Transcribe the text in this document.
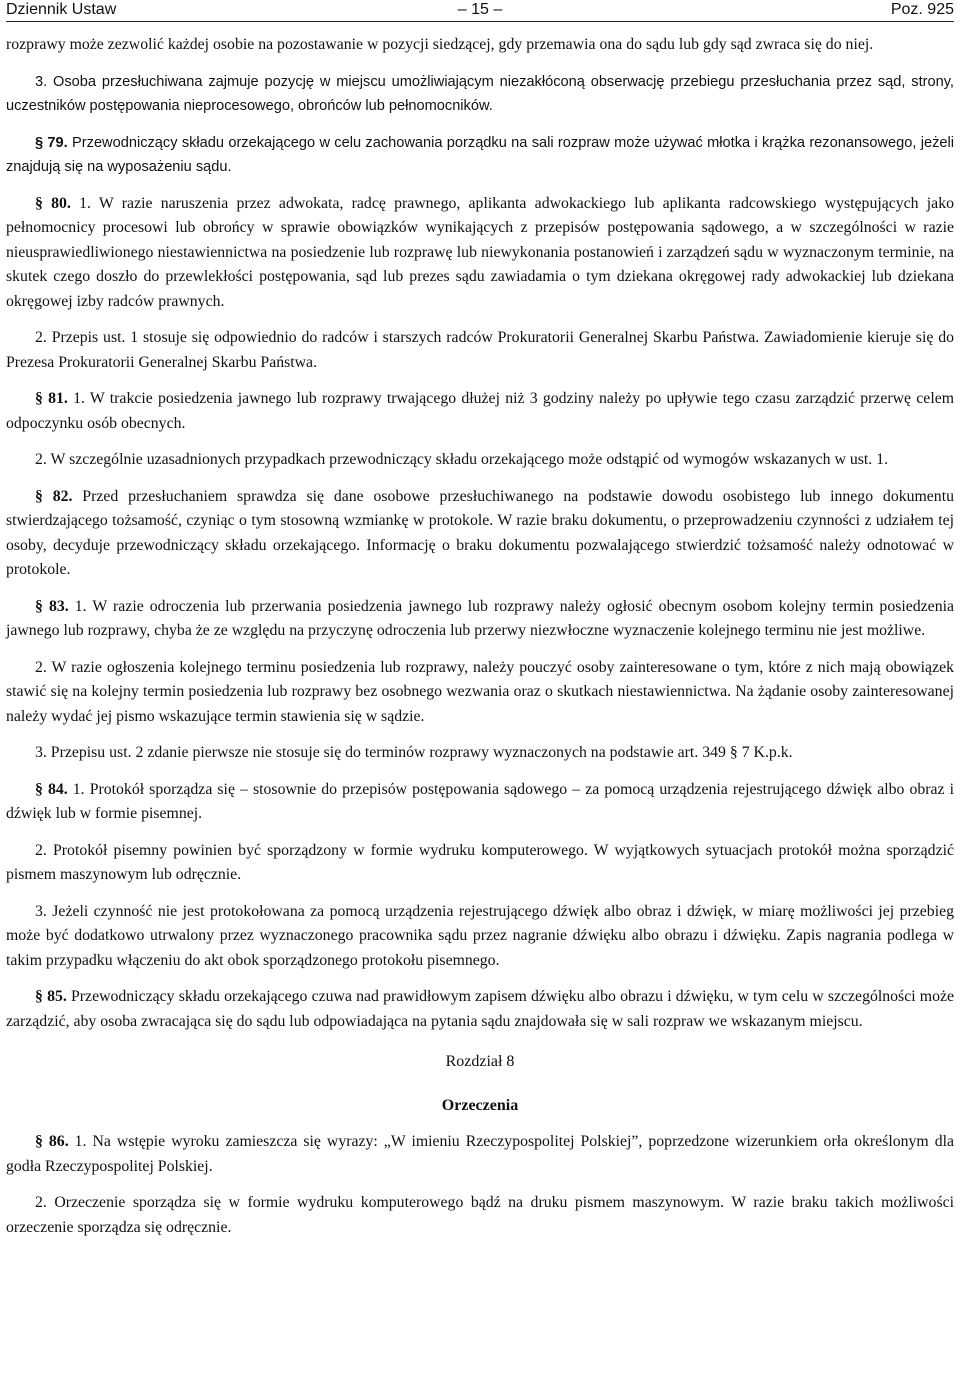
Dziennik Ustaw	– 15 –	Poz. 925

rozprawy może zezwolić każdej osobie na pozostawanie w pozycji siedzącej, gdy przemawia ona do sądu lub gdy sąd zwraca się do niej.

3. Osoba przesłuchiwana zajmuje pozycję w miejscu umożliwiającym niezakłóconą obserwację przebiegu przesłuchania przez sąd, strony, uczestników postępowania nieprocesowego, obrońców lub pełnomocników.

§ 79. Przewodniczący składu orzekającego w celu zachowania porządku na sali rozpraw może używać młotka i krążka rezonansowego, jeżeli znajdują się na wyposażeniu sądu.

§ 80. 1. W razie naruszenia przez adwokata, radcę prawnego, aplikanta adwokackiego lub aplikanta radcowskiego występujących jako pełnomocnicy procesowi lub obrońcy w sprawie obowiązków wynikających z przepisów postępowania sądowego, a w szczególności w razie nieusprawiedliwionego niestawiennictwa na posiedzenie lub rozprawę lub niewykonania postanowień i zarządzeń sądu w wyznaczonym terminie, na skutek czego doszło do przewlekłości postępowania, sąd lub prezes sądu zawiadamia o tym dziekana okręgowej rady adwokackiej lub dziekana okręgowej izby radców prawnych.

2. Przepis ust. 1 stosuje się odpowiednio do radców i starszych radców Prokuratorii Generalnej Skarbu Państwa. Zawiadomienie kieruje się do Prezesa Prokuratorii Generalnej Skarbu Państwa.

§ 81. 1. W trakcie posiedzenia jawnego lub rozprawy trwającego dłużej niż 3 godziny należy po upływie tego czasu zarządzić przerwę celem odpoczynku osób obecnych.

2. W szczególnie uzasadnionych przypadkach przewodniczący składu orzekającego może odstąpić od wymogów wskazanych w ust. 1.

§ 82. Przed przesłuchaniem sprawdza się dane osobowe przesłuchiwanego na podstawie dowodu osobistego lub innego dokumentu stwierdzającego tożsamość, czyniąc o tym stosowną wzmiankę w protokole. W razie braku dokumentu, o przeprowadzeniu czynności z udziałem tej osoby, decyduje przewodniczący składu orzekającego. Informację o braku dokumentu pozwalającego stwierdzić tożsamość należy odnotować w protokole.

§ 83. 1. W razie odroczenia lub przerwania posiedzenia jawnego lub rozprawy należy ogłosić obecnym osobom kolejny termin posiedzenia jawnego lub rozprawy, chyba że ze względu na przyczynę odroczenia lub przerwy niezwłoczne wyznaczenie kolejnego terminu nie jest możliwe.

2. W razie ogłoszenia kolejnego terminu posiedzenia lub rozprawy, należy pouczyć osoby zainteresowane o tym, które z nich mają obowiązek stawić się na kolejny termin posiedzenia lub rozprawy bez osobnego wezwania oraz o skutkach niestawiennictwa. Na żądanie osoby zainteresowanej należy wydać jej pismo wskazujące termin stawienia się w sądzie.

3. Przepisu ust. 2 zdanie pierwsze nie stosuje się do terminów rozprawy wyznaczonych na podstawie art. 349 § 7 K.p.k.

§ 84. 1. Protokół sporządza się – stosownie do przepisów postępowania sądowego – za pomocą urządzenia rejestrującego dźwięk albo obraz i dźwięk lub w formie pisemnej.

2. Protokół pisemny powinien być sporządzony w formie wydruku komputerowego. W wyjątkowych sytuacjach protokół można sporządzić pismem maszynowym lub odręcznie.

3. Jeżeli czynność nie jest protokołowana za pomocą urządzenia rejestrującego dźwięk albo obraz i dźwięk, w miarę możliwości jej przebieg może być dodatkowo utrwalony przez wyznaczonego pracownika sądu przez nagranie dźwięku albo obrazu i dźwięku. Zapis nagrania podlega w takim przypadku włączeniu do akt obok sporządzonego protokołu pisemnego.

§ 85. Przewodniczący składu orzekającego czuwa nad prawidłowym zapisem dźwięku albo obrazu i dźwięku, w tym celu w szczególności może zarządzić, aby osoba zwracająca się do sądu lub odpowiadająca na pytania sądu znajdowała się w sali rozpraw we wskazanym miejscu.

Rozdział 8
Orzeczenia

§ 86. 1. Na wstępie wyroku zamieszcza się wyrazy: „W imieniu Rzeczypospolitej Polskiej”, poprzedzone wizerunkiem orła określonym dla godła Rzeczypospolitej Polskiej.

2. Orzeczenie sporządza się w formie wydruku komputerowego bądź na druku pismem maszynowym. W razie braku takich możliwości orzeczenie sporządza się odręcznie.
